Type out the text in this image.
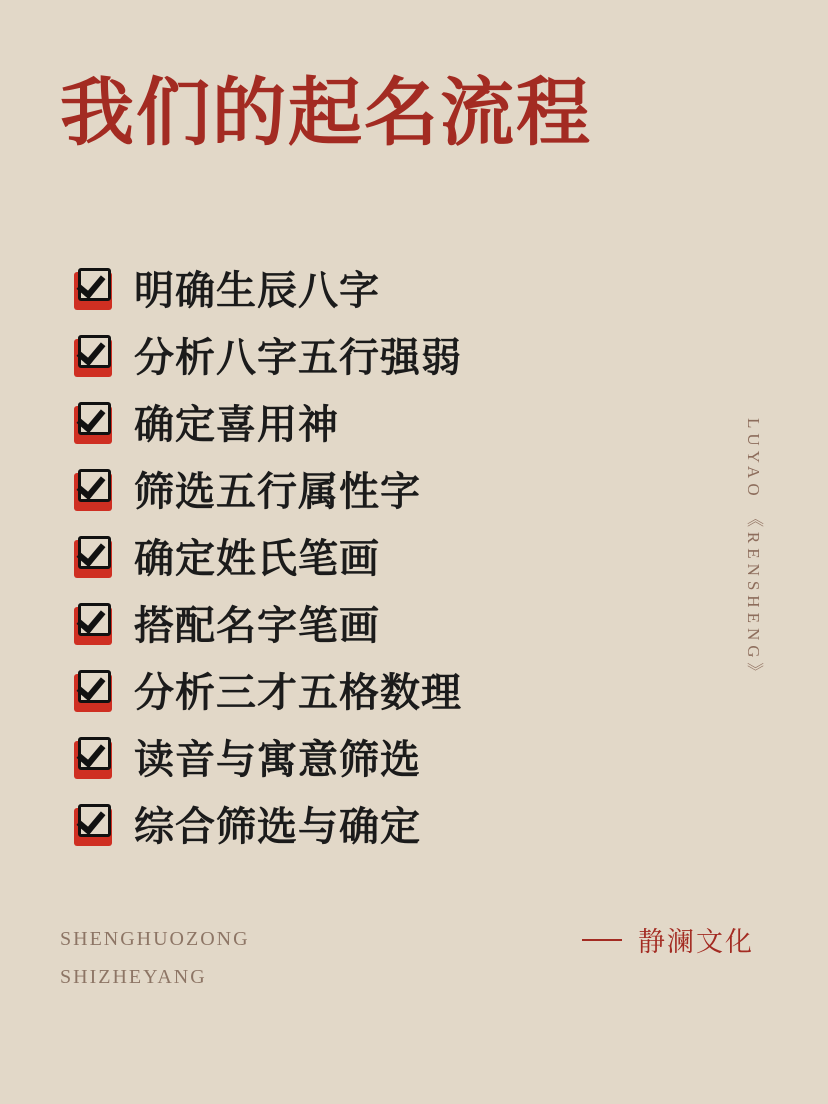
我们的起名流程
明确生辰八字
分析八字五行强弱
确定喜用神
筛选五行属性字
确定姓氏笔画
搭配名字笔画
分析三才五格数理
读音与寓意筛选
综合筛选与确定
LUYAO 《RENSHENG》
SHENGHUOZONG
SHIZHEYANG
静澜文化
